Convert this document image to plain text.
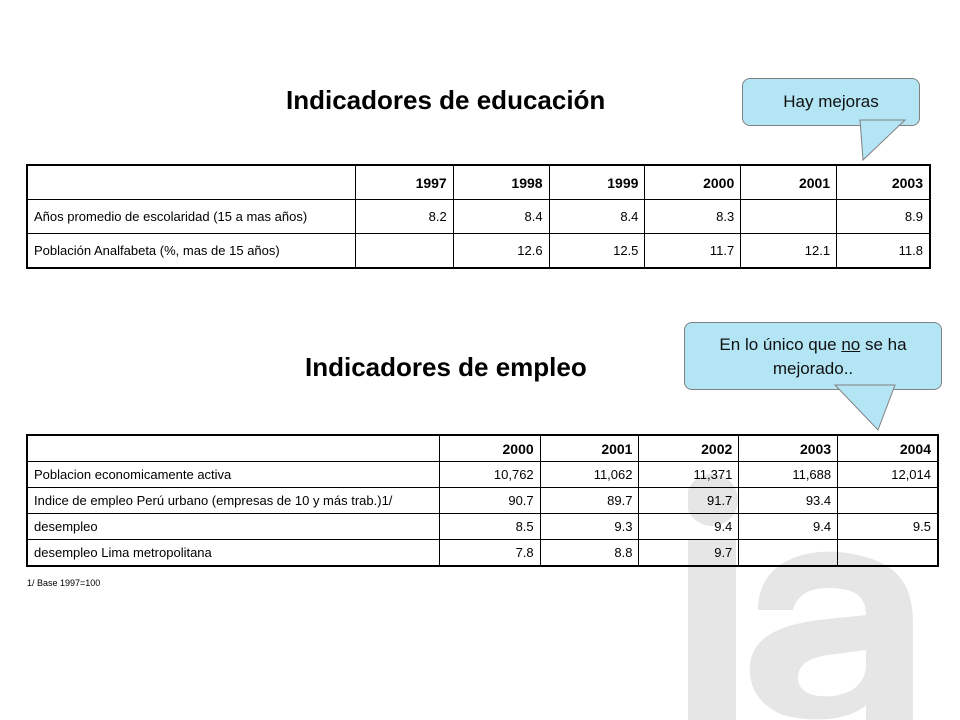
Indicadores de educación	Hay mejoras
	1997	1998	1999	2000	2001	2003
Años promedio de escolaridad (15 a mas años)	8.2	8.4	8.4	8.3		8.9
Población Analfabeta (%, mas de 15 años)		12.6	12.5	11.7	12.1	11.8
Indicadores de empleo
En lo único que no se ha mejorado..
	2000	2001	2002	2003	2004
Poblacion economicamente activa	10,762	11,062	11,371	11,688	12,014
Indice de empleo Perú urbano (empresas de 10 y más trab.)1/	90.7	89.7	91.7	93.4	
desempleo	8.5	9.3	9.4	9.4	9.5
desempleo Lima metropolitana	7.8	8.8	9.7		
1/ Base 1997=100
